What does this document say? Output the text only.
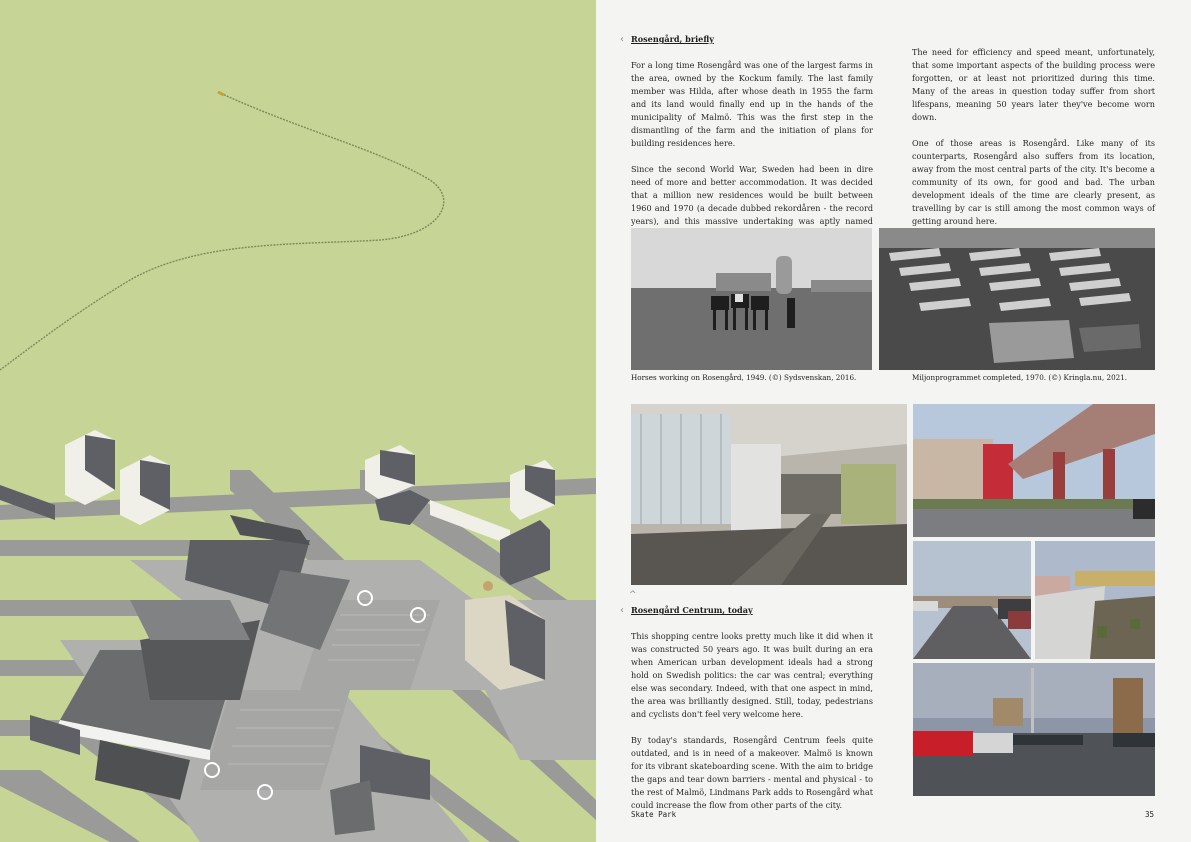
‹ Rosengård, briefly

For a long time Rosengård was one of the largest farms in the area, owned by the Kockum family. The last family member was Hilda, after whose death in 1955 the farm and its land would finally end up in the hands of the municipality of Malmö. This was the first step in the dismantling of the farm and the initiation of plans for building residences here.

Since the second World War, Sweden had been in dire need of more and better accommodation. It was decided that a million new residences would be built between 1960 and 1970 (a decade dubbed rekordåren - the record years), and this massive undertaking was aptly named

The need for efficiency and speed meant, unfortunately, that some important aspects of the building process were forgotten, or at least not prioritized during this time. Many of the areas in question today suffer from short lifespans, meaning 50 years later they've become worn down.

One of those areas is Rosengård. Like many of its counterparts, Rosengård also suffers from its location, away from the most central parts of the city. It's become a community of its own, for good and bad. The urban development ideals of the time are clearly present, as travelling by car is still among the most common ways of getting around here.

Horses working on Rosengård, 1949. (©) Sydsvenskan, 2016.	Miljonprogrammet completed, 1970. (©) Kringla.nu, 2021.
^
‹ Rosengård Centrum, today

This shopping centre looks pretty much like it did when it was constructed 50 years ago. It was built during an era when American urban development ideals had a strong hold on Swedish politics: the car was central; everything else was secondary. Indeed, with that one aspect in mind, the area was brilliantly designed. Still, today, pedestrians and cyclists don't feel very welcome here.

By today's standards, Rosengård Centrum feels quite outdated, and is in need of a makeover. Malmö is known for its vibrant skateboarding scene. With the aim to bridge the gaps and tear down barriers - mental and physical - to the rest of Malmö, Lindmans Park adds to Rosengård what could increase the flow from other parts of the city.

Skate Park	35
